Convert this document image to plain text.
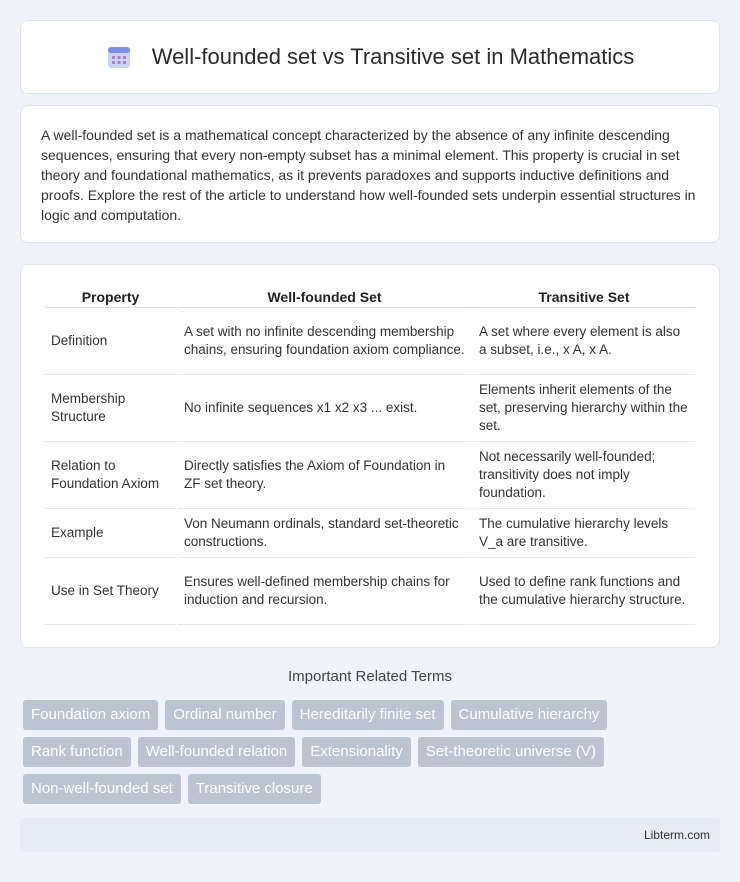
Well-founded set vs Transitive set in Mathematics

A well-founded set is a mathematical concept characterized by the absence of any infinite descending sequences, ensuring that every non-empty subset has a minimal element. This property is crucial in set theory and foundational mathematics, as it prevents paradoxes and supports inductive definitions and proofs. Explore the rest of the article to understand how well-founded sets underpin essential structures in logic and computation.

Property	Well-founded Set	Transitive Set
Definition	A set with no infinite descending membership chains, ensuring foundation axiom compliance.	A set where every element is also a subset, i.e., x A, x A.
Membership Structure	No infinite sequences x1 x2 x3 ... exist.	Elements inherit elements of the set, preserving hierarchy within the set.
Relation to Foundation Axiom	Directly satisfies the Axiom of Foundation in ZF set theory.	Not necessarily well-founded; transitivity does not imply foundation.
Example	Von Neumann ordinals, standard set-theoretic constructions.	The cumulative hierarchy levels V_a are transitive.
Use in Set Theory	Ensures well-defined membership chains for induction and recursion.	Used to define rank functions and the cumulative hierarchy structure.
Important Related Terms
Foundation axiom	Ordinal number	Hereditarily finite set	Cumulative hierarchy
Rank function	Well-founded relation	Extensionality	Set-theoretic universe (V)
Non-well-founded set	Transitive closure
Libterm.com
